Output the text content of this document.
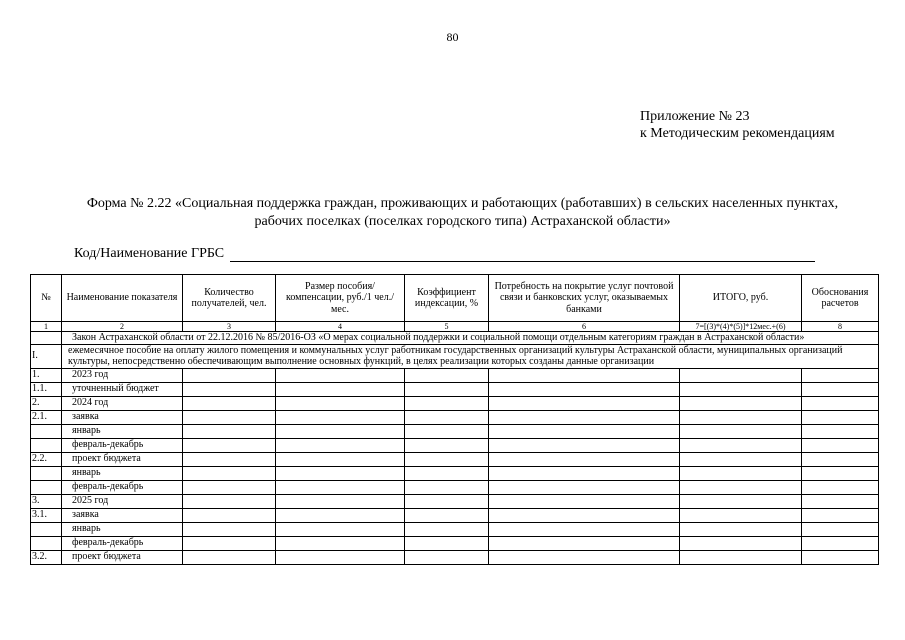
80
Приложение № 23
к Методическим рекомендациям
Форма № 2.22 «Социальная поддержка граждан, проживающих и работающих (работавших) в сельских населенных пунктах,
рабочих поселках (поселках городского типа) Астраханской области»
Код/Наименование ГРБС
№	Наименование показателя	Количество получателей, чел.	Размер пособия/компенсации, руб./1 чел./мес.	Коэффициент индексации, %	Потребность на покрытие услуг почтовой связи и банковских услуг, оказываемых банками	ИТОГО, руб.	Обоснования расчетов
1	2	3	4	5	6	7=[(3)*(4)*(5)]*12мес.+(6)	8
	Закон Астраханской области от 22.12.2016 № 85/2016-ОЗ «О мерах социальной поддержки и социальной помощи отдельным категориям граждан в Астраханской области»						
I.	ежемесячное пособие на оплату жилого помещения и коммунальных услуг работникам государственных организаций культуры Астраханской области, муниципальных организаций культуры, непосредственно обеспечивающим выполнение основных функций, в целях реализации которых созданы данные организации						
1.	2023 год						
1.1.	уточненный бюджет						
2.	2024 год						
2.1.	заявка						
	январь						
	февраль-декабрь						
2.2.	проект бюджета						
	январь						
	февраль-декабрь						
3.	2025 год						
3.1.	заявка						
	январь						
	февраль-декабрь						
3.2.	проект бюджета						
